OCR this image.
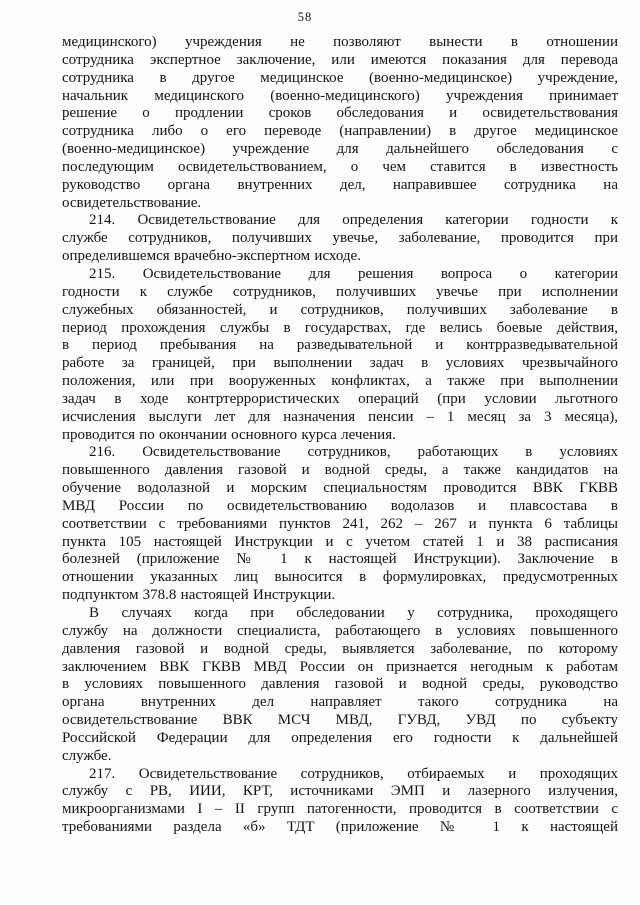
58
медицинского) учреждения не позволяют вынести в отношении
сотрудника экспертное заключение, или имеются показания для перевода
сотрудника в другое медицинское (военно-медицинское) учреждение,
начальник медицинского (военно-медицинского) учреждения принимает
решение о продлении сроков обследования и освидетельствования
сотрудника либо о его переводе (направлении) в другое медицинское
(военно-медицинское) учреждение для дальнейшего обследования с
последующим освидетельствованием, о чем ставится в известность
руководство органа внутренних дел, направившее сотрудника на
освидетельствование.
214. Освидетельствование для определения категории годности к
службе сотрудников, получивших увечье, заболевание, проводится при
определившемся врачебно-экспертном исходе.
215. Освидетельствование для решения вопроса о категории
годности к службе сотрудников, получивших увечье при исполнении
служебных обязанностей, и сотрудников, получивших заболевание в
период прохождения службы в государствах, где велись боевые действия,
в период пребывания на разведывательной и контрразведывательной
работе за границей, при выполнении задач в условиях чрезвычайного
положения, или при вооруженных конфликтах, а также при выполнении
задач в ходе контртеррористических операций (при условии льготного
исчисления выслуги лет для назначения пенсии – 1 месяц за 3 месяца),
проводится по окончании основного курса лечения.
216. Освидетельствование сотрудников, работающих в условиях
повышенного давления газовой и водной среды, а также кандидатов на
обучение водолазной и морским специальностям проводится ВВК ГКВВ
МВД России по освидетельствованию водолазов и плавсостава в
соответствии с требованиями пунктов 241, 262 – 267 и пункта 6 таблицы
пункта 105 настоящей Инструкции и с учетом статей 1 и 38 расписания
болезней (приложение № 1 к настоящей Инструкции). Заключение в
отношении указанных лиц выносится в формулировках, предусмотренных
подпунктом 378.8 настоящей Инструкции.
В случаях когда при обследовании у сотрудника, проходящего
службу на должности специалиста, работающего в условиях повышенного
давления газовой и водной среды, выявляется заболевание, по которому
заключением ВВК ГКВВ МВД России он признается негодным к работам
в условиях повышенного давления газовой и водной среды, руководство
органа внутренних дел направляет такого сотрудника на
освидетельствование ВВК МСЧ МВД, ГУВД, УВД по субъекту
Российской Федерации для определения его годности к дальнейшей
службе.
217. Освидетельствование сотрудников, отбираемых и проходящих
службу с РВ, ИИИ, КРТ, источниками ЭМП и лазерного излучения,
микроорганизмами I – II групп патогенности, проводится в соответствии с
требованиями раздела «б» ТДТ (приложение № 1 к настоящей
